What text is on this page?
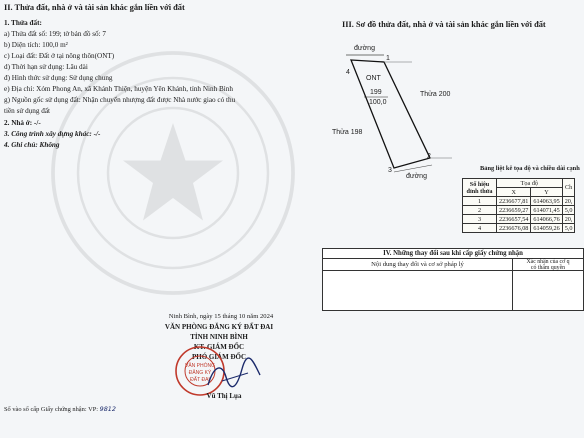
II. Thửa đất, nhà ở và tài sản khác gắn liền với đất
1. Thửa đất:
a) Thửa đất số: 199; tờ bản đồ số: 7
b) Diện tích: 100,0 m²
c) Loại đất: Đất ở tại nông thôn(ONT)
d) Thời hạn sử dụng: Lâu dài
đ) Hình thức sử dụng: Sử dụng chung
e) Địa chỉ: Xóm Phong An, xã Khánh Thiện, huyện Yên Khánh, tỉnh Ninh Bình
g) Nguồn gốc sử dụng đất: Nhận chuyển nhượng đất được Nhà nước giao có thu
tiền sử dụng đất
2. Nhà ở: -/-
3. Công trình xây dựng khác: -/-
4. Ghi chú: Không
Ninh Bình, ngày 15 tháng 10 năm 2024
VĂN PHÒNG ĐĂNG KÝ ĐẤT ĐAI
TỈNH NINH BÌNH
KT. GIÁM ĐỐC
PHÓ GIÁM ĐỐC
VĂN PHÒNG
ĐĂNG KÝ
ĐẤT ĐAI
Vũ Thị Lụa
Số vào sổ cấp Giấy chứng nhận: VP: 9812
III. Sơ đồ thửa đất, nhà ở và tài sản khác gắn liền với đất
đường
4
1
2
3
ONT
199
100,0
Thửa 200
Thửa 198
đường
Bảng liệt kê tọa độ và chiều dài cạnh
Số hiệu đỉnh thửa	Tọa độ		Ch
	X	Y	
1	2236677,81	614063,95	20,
2	2236659,27	614071,45	5,0
3	2236657,54	614066,76	20,
4	2236676,08	614059,26	5,0
IV. Những thay đổi sau khi cấp giấy chứng nhận
Nội dung thay đổi và cơ sở pháp lý	Xác nhận của cơ q
có thẩm quyền
